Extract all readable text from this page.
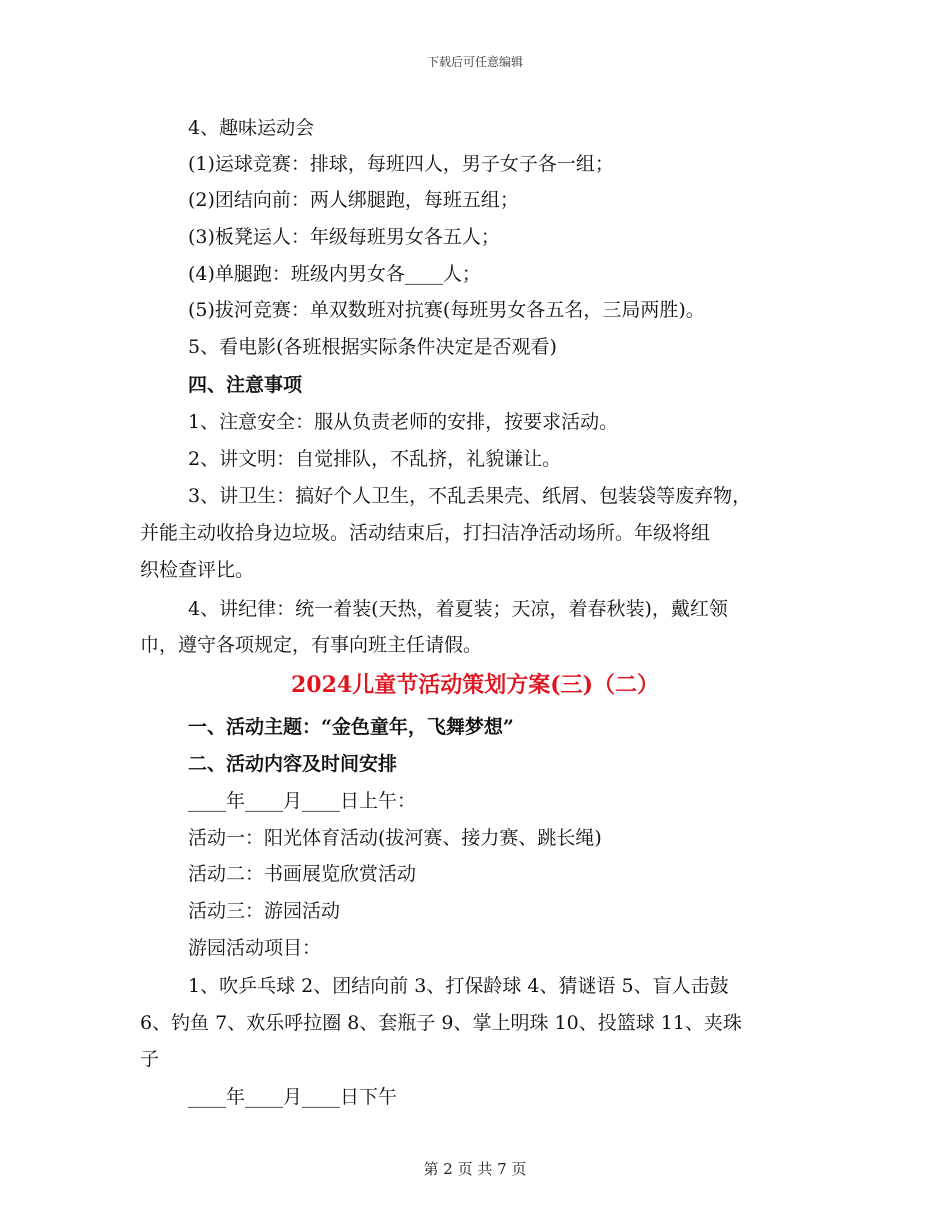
下载后可任意编辑
4、趣味运动会
(1)运球竞赛：排球，每班四人，男子女子各一组；
(2)团结向前：两人绑腿跑，每班五组；
(3)板凳运人：年级每班男女各五人；
(4)单腿跑：班级内男女各____人；
(5)拔河竞赛：单双数班对抗赛(每班男女各五名，三局两胜)。
5、看电影(各班根据实际条件决定是否观看)
四、注意事项
1、注意安全：服从负责老师的安排，按要求活动。
2、讲文明：自觉排队，不乱挤，礼貌谦让。
3、讲卫生：搞好个人卫生，不乱丢果壳、纸屑、包装袋等废弃物，
并能主动收拾身边垃圾。活动结束后，打扫洁净活动场所。年级将组
织检查评比。
4、讲纪律：统一着装(天热，着夏装；天凉，着春秋装)，戴红领
巾，遵守各项规定，有事向班主任请假。
2024儿童节活动策划方案(三)（二）
一、活动主题：“金色童年，飞舞梦想”
二、活动内容及时间安排
____年____月____日上午：
活动一：阳光体育活动(拔河赛、接力赛、跳长绳)
活动二：书画展览欣赏活动
活动三：游园活动
游园活动项目：
1、吹乒乓球 2、团结向前 3、打保龄球 4、猜谜语 5、盲人击鼓
6、钓鱼 7、欢乐呼拉圈 8、套瓶子 9、掌上明珠 10、投篮球 11、夹珠
子
____年____月____日下午
第 2 页 共 7 页
